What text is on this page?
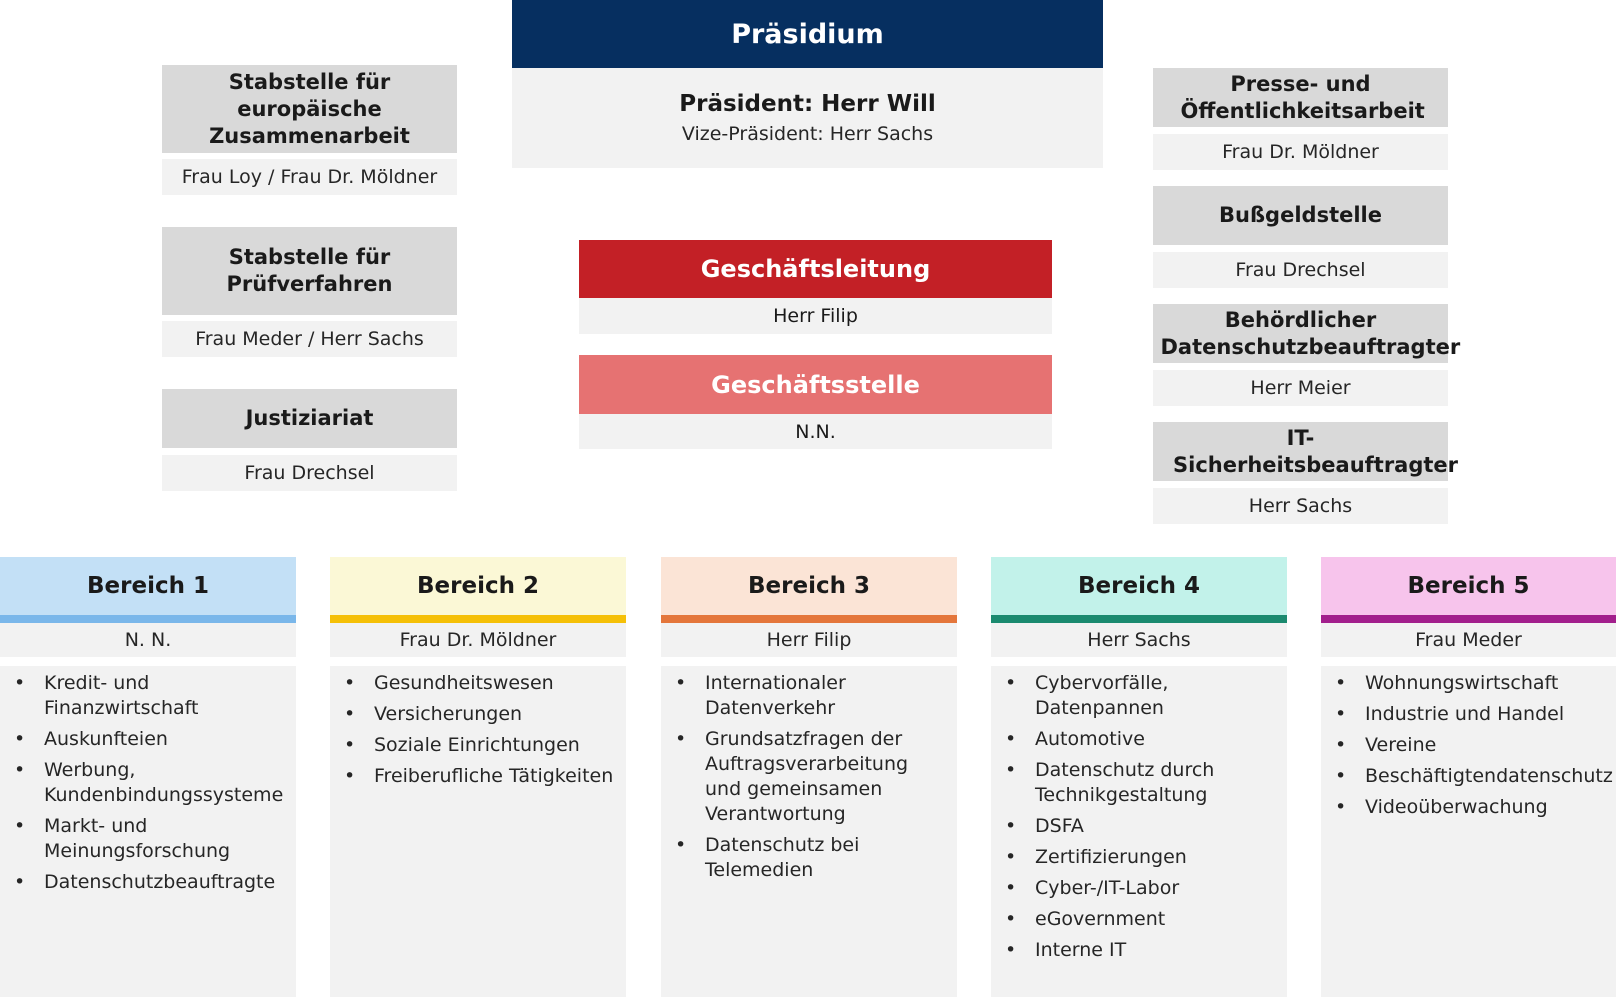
Präsidium
Präsident: Herr Will
Vize-Präsident: Herr Sachs
Stabstelle für europäische Zusammenarbeit
Frau Loy / Frau Dr. Möldner
Stabstelle für Prüfverfahren
Frau Meder / Herr Sachs
Justiziariat
Frau Drechsel
Presse- und Öffentlichkeitsarbeit
Frau Dr. Möldner
Bußgeldstelle
Frau Drechsel
Behördlicher Datenschutzbeauftragter
Herr Meier
IT-Sicherheitsbeauftragter
Herr Sachs
Geschäftsleitung
Herr Filip
Geschäftsstelle
N.N.
Bereich 1
N. N.
• Kredit- und Finanzwirtschaft
• Auskunfteien
• Werbung, Kundenbindungssysteme
• Markt- und Meinungsforschung
• Datenschutzbeauftragte
Bereich 2
Frau Dr. Möldner
• Gesundheitswesen
• Versicherungen
• Soziale Einrichtungen
• Freiberufliche Tätigkeiten
Bereich 3
Herr Filip
• Internationaler Datenverkehr
• Grundsatzfragen der Auftragsverarbeitung und gemeinsamen Verantwortung
• Datenschutz bei Telemedien
Bereich 4
Herr Sachs
• Cybervorfälle, Datenpannen
• Automotive
• Datenschutz durch Technikgestaltung
• DSFA
• Zertifizierungen
• Cyber-/IT-Labor
• eGovernment
• Interne IT
Bereich 5
Frau Meder
• Wohnungswirtschaft
• Industrie und Handel
• Vereine
• Beschäftigtendatenschutz
• Videoüberwachung
